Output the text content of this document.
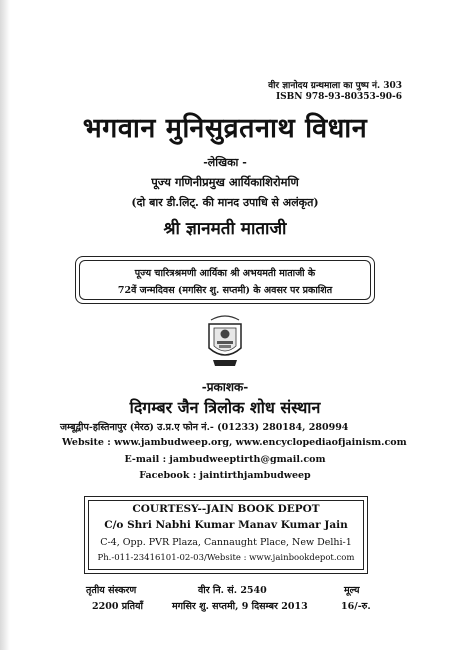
वीर ज्ञानोदय ग्रन्थमाला का पुष्प नं. 303
ISBN 978-93-80353-90-6
भगवान मुनिसुव्रतनाथ विधान
-लेखिका -
पूज्य गणिनीप्रमुख आर्यिकाशिरोमणि
(दो बार डी.लिट्. की मानद उपाधि से अलंकृत)
श्री ज्ञानमती माताजी
पूज्य चारित्रश्रमणी आर्यिका श्री अभयमती माताजी के
72वें जन्मदिवस (मगसिर शु. सप्तमी) के अवसर पर प्रकाशित
-प्रकाशक-
दिगम्बर जैन त्रिलोक शोध संस्थान
जम्बूद्वीप-हस्तिनापुर (मेरठ) उ.प्र.ए फोन नं.- (01233) 280184, 280994
Website : www.jambudweep.org, www.encyclopediaofjainism.com
E-mail : jambudweeptirth@gmail.com
Facebook : jaintirthjambudweep
COURTESY--JAIN BOOK DEPOT
C/o Shri Nabhi Kumar Manav Kumar Jain
C-4, Opp. PVR Plaza, Cannaught Place, New Delhi-1
Ph.-011-23416101-02-03/Website : www.jainbookdepot.com
तृतीय संस्करण
2200 प्रतियाँ
वीर नि. सं. 2540
मगसिर शु. सप्तमी, 9 दिसम्बर 2013
मूल्य
16/-रु.
